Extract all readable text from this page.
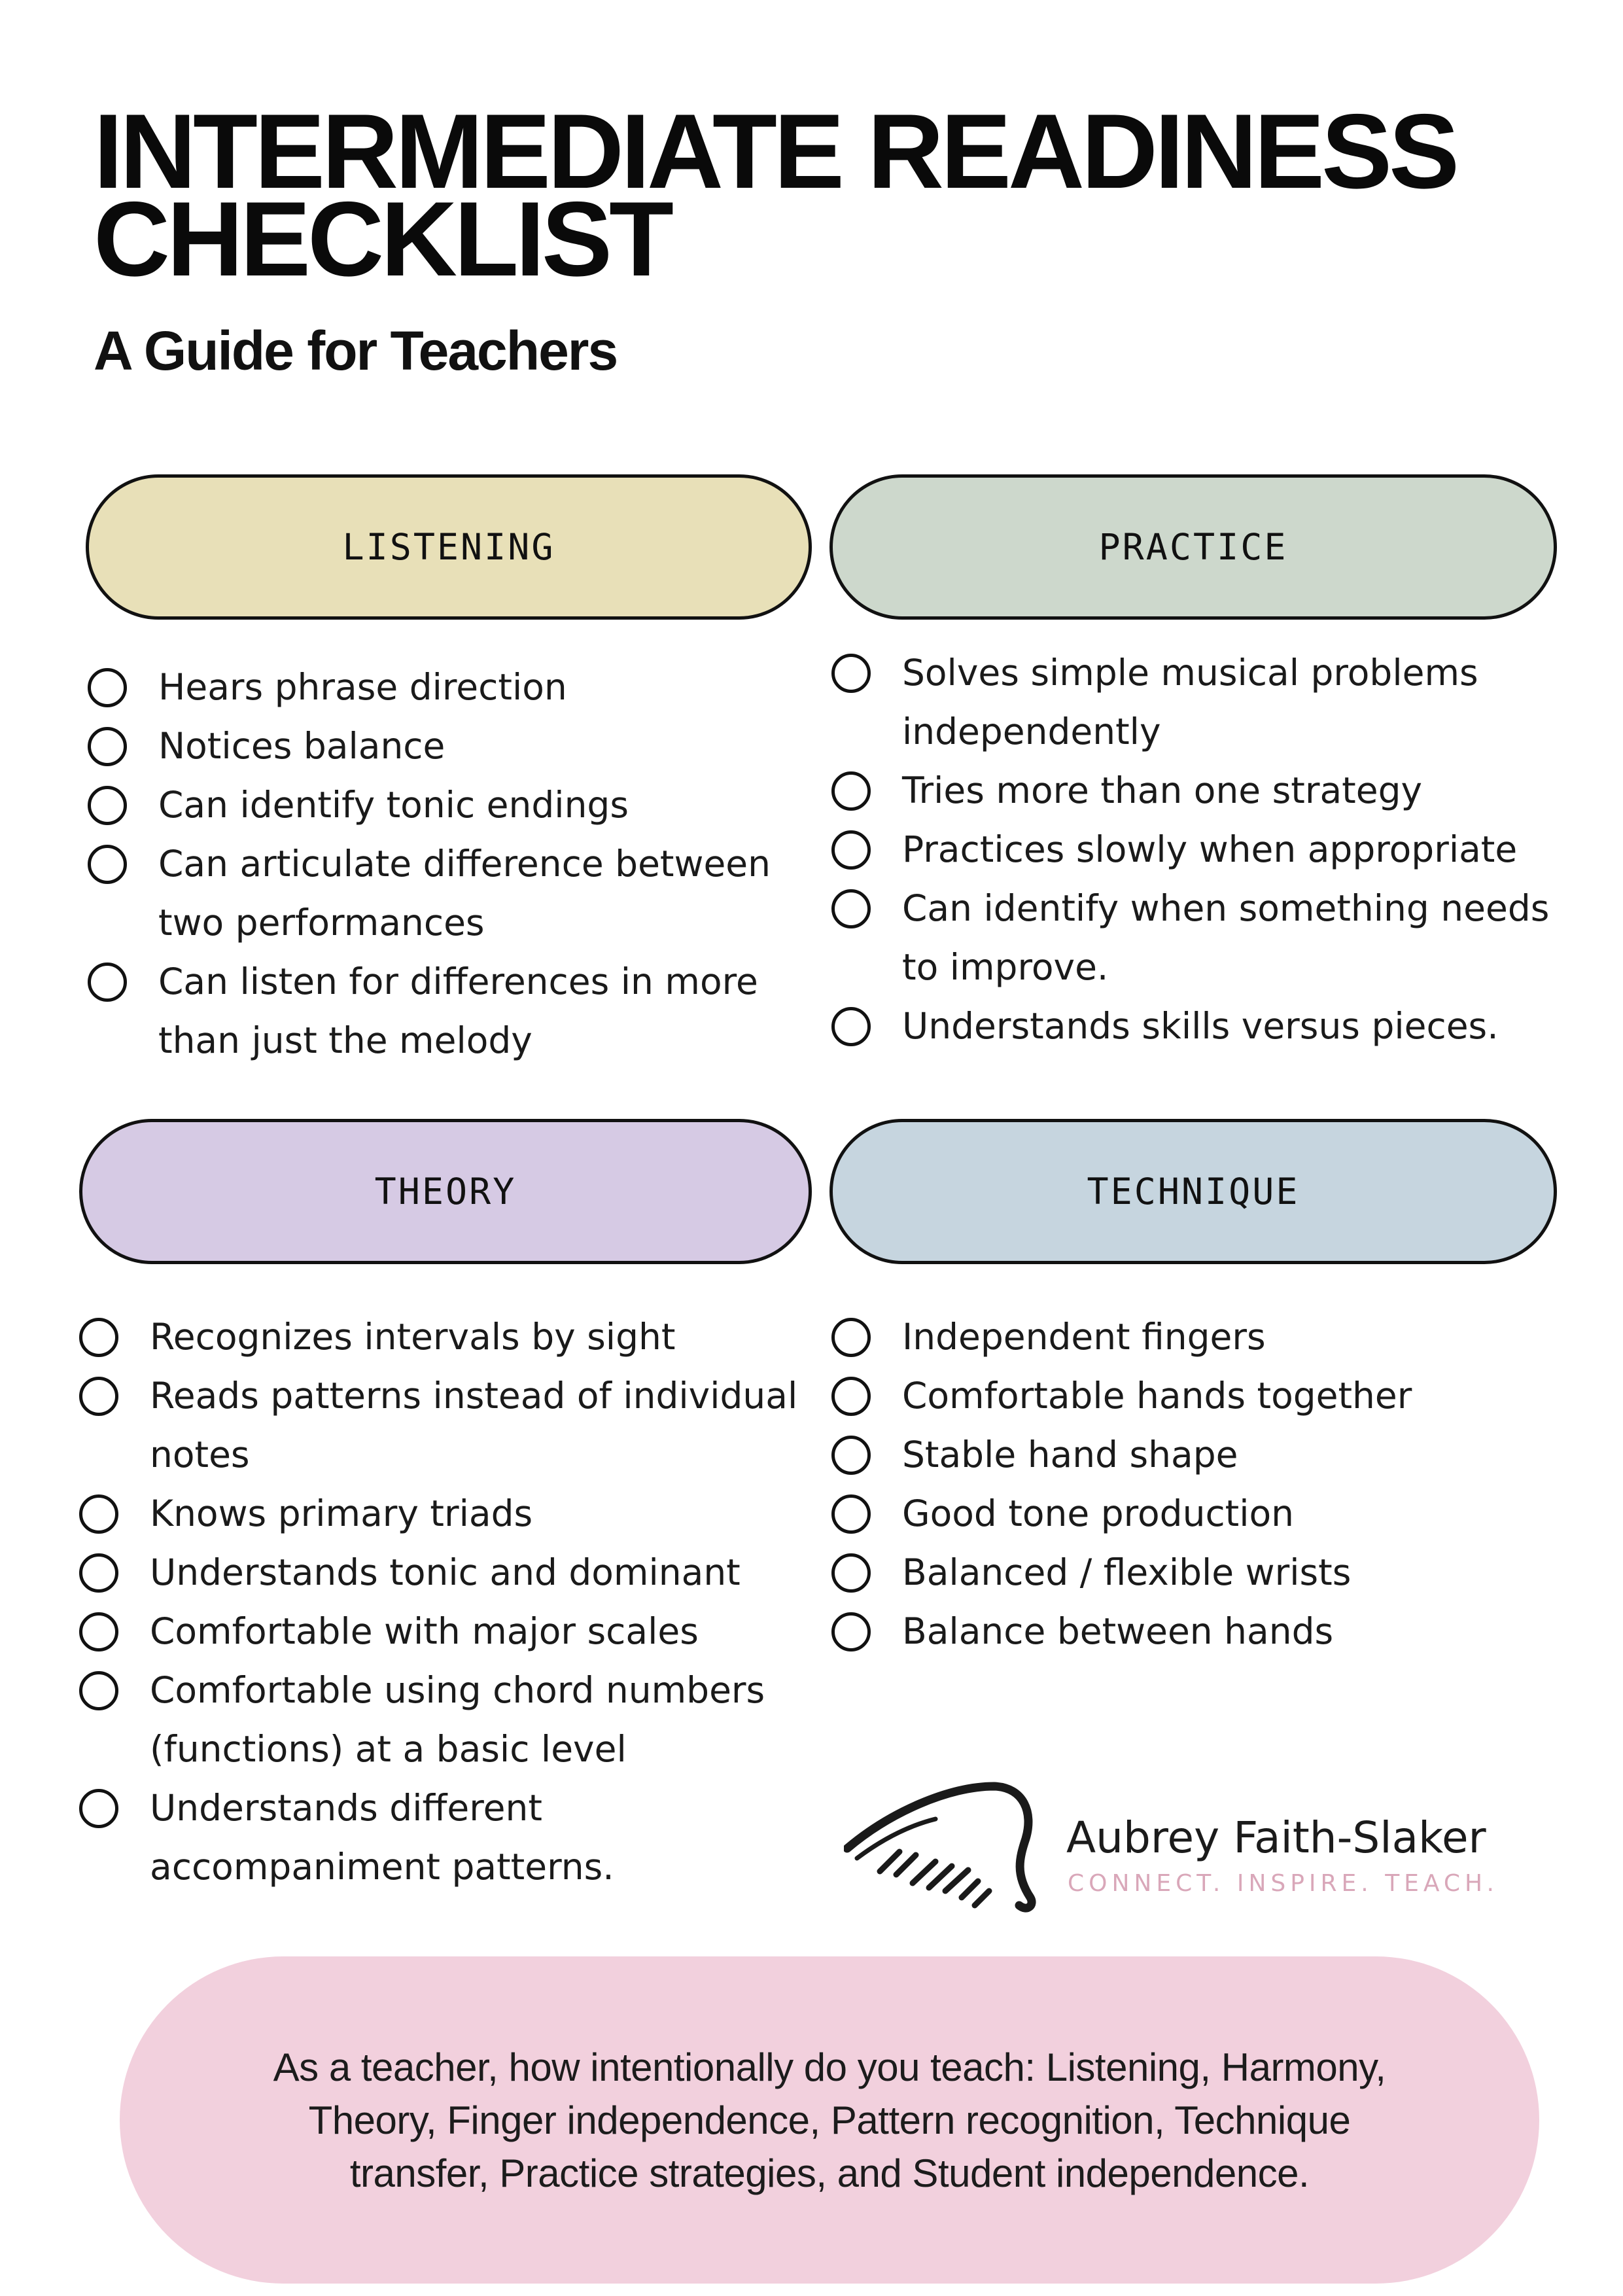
INTERMEDIATE READINESS
CHECKLIST
A Guide for Teachers
LISTENING	PRACTICE
THEORY	TECHNIQUE
Hears phrase direction
Notices balance
Can identify tonic endings
Can articulate difference between two performances
Can listen for differences in more than just the melody
Solves simple musical problems independently
Tries more than one strategy
Practices slowly when appropriate
Can identify when something needs to improve.
Understands skills versus pieces.
Recognizes intervals by sight
Reads patterns instead of individual notes
Knows primary triads
Understands tonic and dominant
Comfortable with major scales
Comfortable using chord numbers (functions) at a basic level
Understands different accompaniment patterns.
Independent fingers
Comfortable hands together
Stable hand shape
Good tone production
Balanced / flexible wrists
Balance between hands
Aubrey Faith-Slaker
CONNECT. INSPIRE. TEACH.

As a teacher, how intentionally do you teach: Listening, Harmony, Theory, Finger independence, Pattern recognition, Technique transfer, Practice strategies, and Student independence.
